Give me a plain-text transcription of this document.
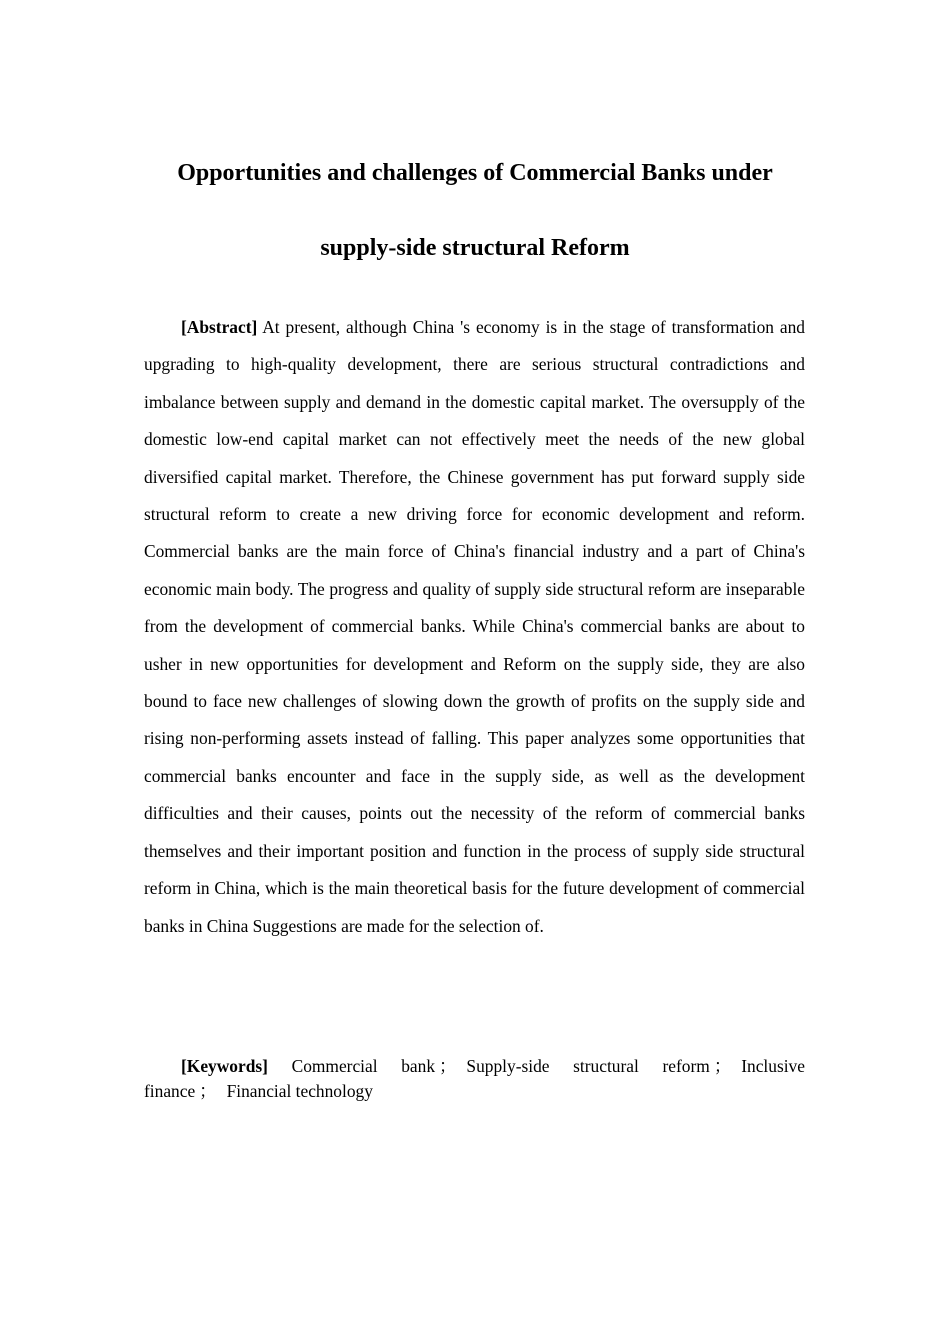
Opportunities and challenges of Commercial Banks under
supply-side structural Reform

[Abstract] At present, although China 's economy is in the stage of transformation and upgrading to high-quality development, there are serious structural contradictions and imbalance between supply and demand in the domestic capital market. The oversupply of the domestic low-end capital market can not effectively meet the needs of the new global diversified capital market. Therefore, the Chinese government has put forward supply side structural reform to create a new driving force for economic development and reform. Commercial banks are the main force of China's financial industry and a part of China's economic main body. The progress and quality of supply side structural reform are inseparable from the development of commercial banks. While China's commercial banks are about to usher in new opportunities for development and Reform on the supply side, they are also bound to face new challenges of slowing down the growth of profits on the supply side and rising non-performing assets instead of falling. This paper analyzes some opportunities that commercial banks encounter and face in the supply side, as well as the development difficulties and their causes, points out the necessity of the reform of commercial banks themselves and their important position and function in the process of supply side structural reform in China, which is the main theoretical basis for the future development of commercial banks in China Suggestions are made for the selection of.

[Keywords] Commercial bank ； Supply-side structural reform ； Inclusive finance ； Financial technology
